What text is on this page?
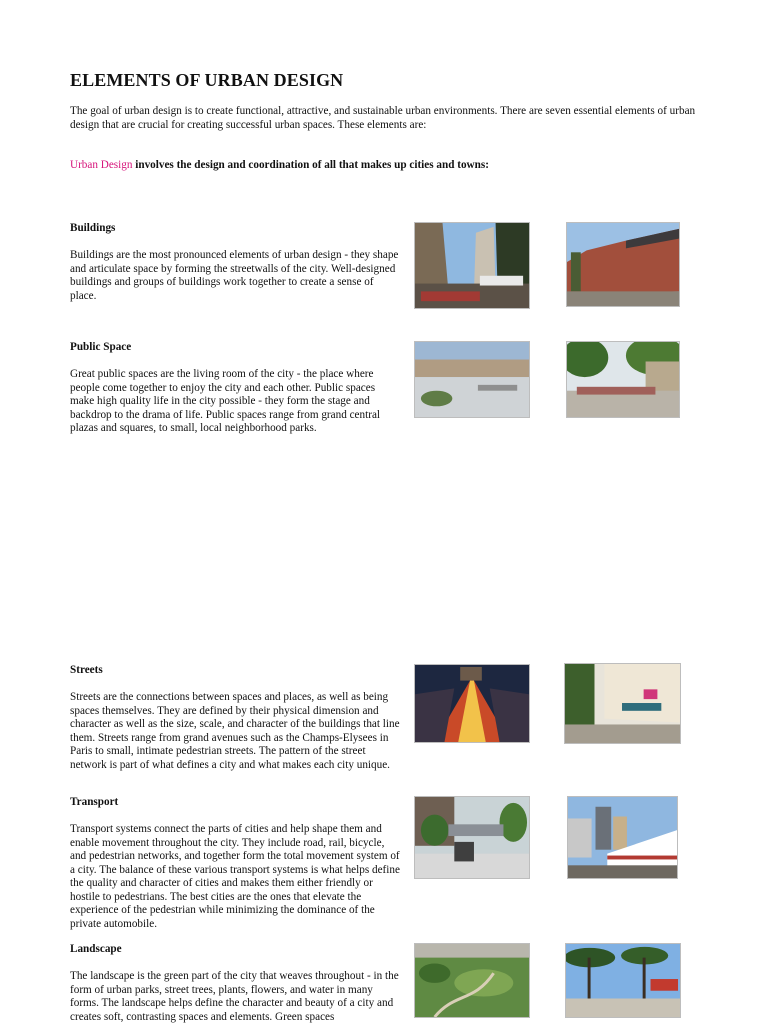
ELEMENTS OF URBAN DESIGN

The goal of urban design is to create functional, attractive, and sustainable urban environments. There are seven essential elements of urban design that are crucial for creating successful urban spaces. These elements are:

Urban Design involves the design and coordination of all that makes up cities and towns:

Buildings

Buildings are the most pronounced elements of urban design - they shape and articulate space by forming the streetwalls of the city. Well-designed buildings and groups of buildings work together to create a sense of place.

Public Space

Great public spaces are the living room of the city - the place where people come together to enjoy the city and each other. Public spaces make high quality life in the city possible - they form the stage and backdrop to the drama of life. Public spaces range from grand central plazas and squares, to small, local neighborhood parks.

Streets

Streets are the connections between spaces and places, as well as being spaces themselves. They are defined by their physical dimension and character as well as the size, scale, and character of the buildings that line them. Streets range from grand avenues such as the Champs-Elysees in Paris to small, intimate pedestrian streets. The pattern of the street network is part of what defines a city and what makes each city unique.

Transport

Transport systems connect the parts of cities and help shape them and enable movement throughout the city. They include road, rail, bicycle, and pedestrian networks, and together form the total movement system of a city. The balance of these various transport systems is what helps define the quality and character of cities and makes them either friendly or hostile to pedestrians. The best cities are the ones that elevate the experience of the pedestrian while minimizing the dominance of the private automobile.

Landscape

The landscape is the green part of the city that weaves throughout - in the form of urban parks, street trees, plants, flowers, and water in many forms. The landscape helps define the character and beauty of a city and creates soft, contrasting spaces and elements. Green spaces
